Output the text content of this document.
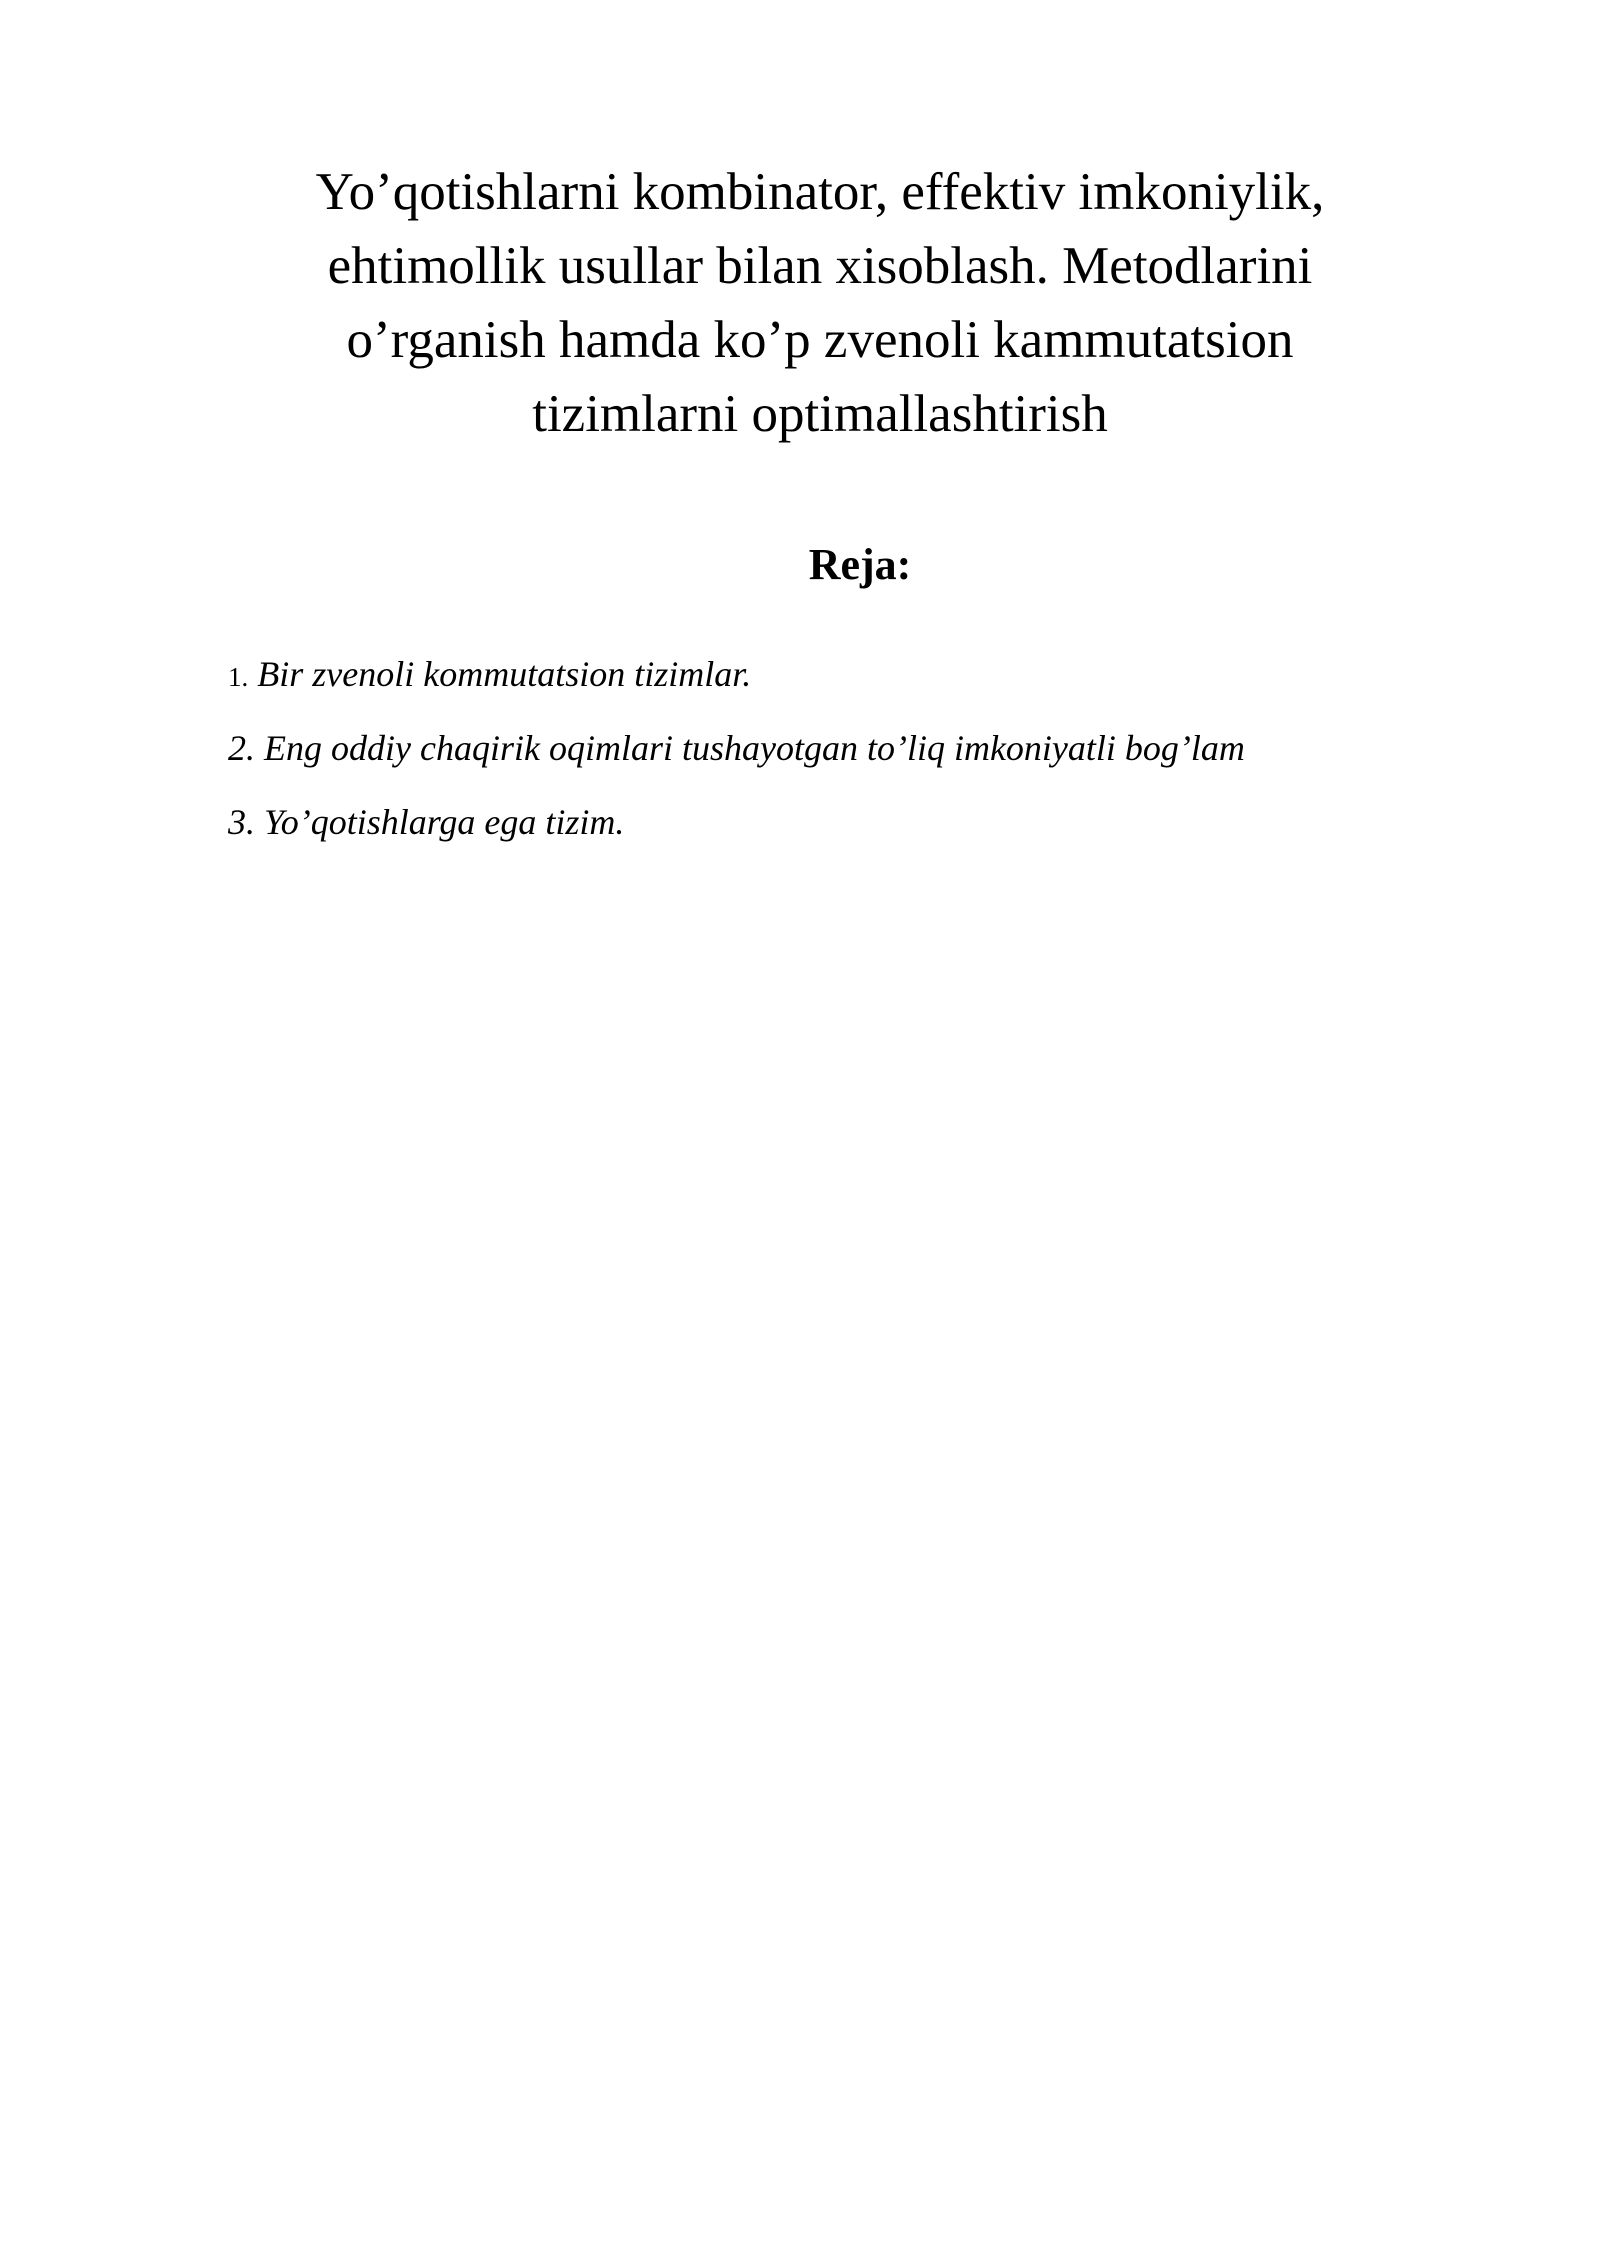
Yo’qotishlarni kombinator, effektiv imkoniylik,
ehtimollik usullar bilan xisoblash. Metodlarini
o’rganish hamda ko’p zvenoli kammutatsion
tizimlarni optimallashtirish
Reja:
1. Bir zvenoli kommutatsion tizimlar.
2. Eng oddiy chaqirik oqimlari tushayotgan to’liq imkoniyatli bog’lam
3. Yo’qotishlarga ega tizim.
